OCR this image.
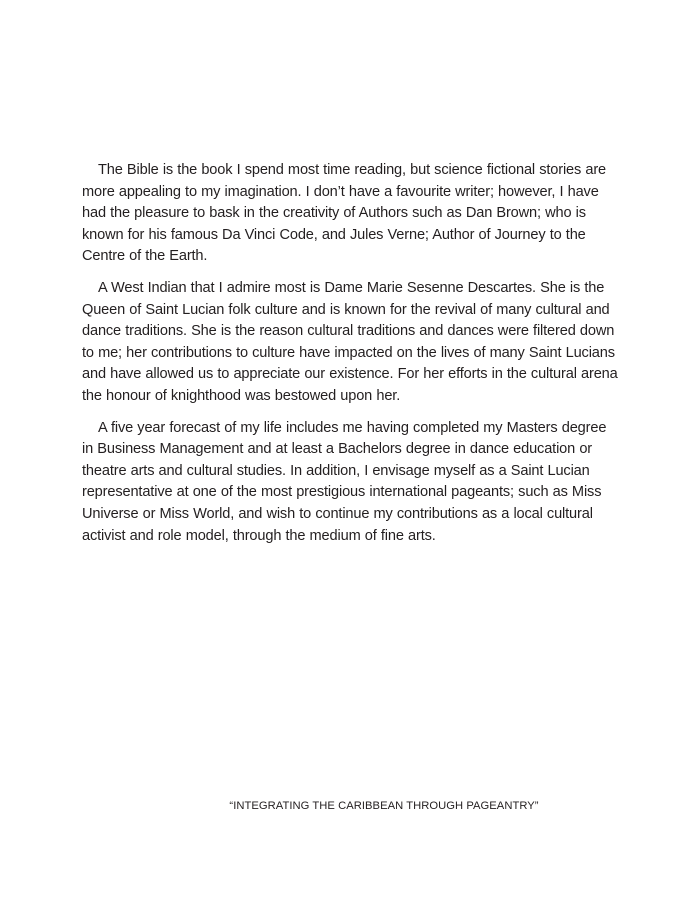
The Bible is the book I spend most time reading, but science fictional stories are more appealing to my imagination. I don’t have a favourite writer; however, I have had the pleasure to bask in the creativity of Authors such as Dan Brown; who is known for his famous Da Vinci Code, and Jules Verne; Author of Journey to the Centre of the Earth.

A West Indian that I admire most is Dame Marie Sesenne Descartes. She is the Queen of Saint Lucian folk culture and is known for the revival of many cultural and dance traditions. She is the reason cultural traditions and dances were filtered down to me; her contributions to culture have impacted on the lives of many Saint Lucians and have allowed us to appreciate our existence. For her efforts in the cultural arena the honour of knighthood was bestowed upon her.

A five year forecast of my life includes me having completed my Masters degree in Business Management and at least a Bachelors degree in dance education or theatre arts and cultural studies. In addition, I envisage myself as a Saint Lucian representative at one of the most prestigious international pageants; such as Miss Universe or Miss World, and wish to continue my contributions as a local cultural activist and role model, through the medium of fine arts.

“INTEGRATING THE CARIBBEAN THROUGH PAGEANTRY”
